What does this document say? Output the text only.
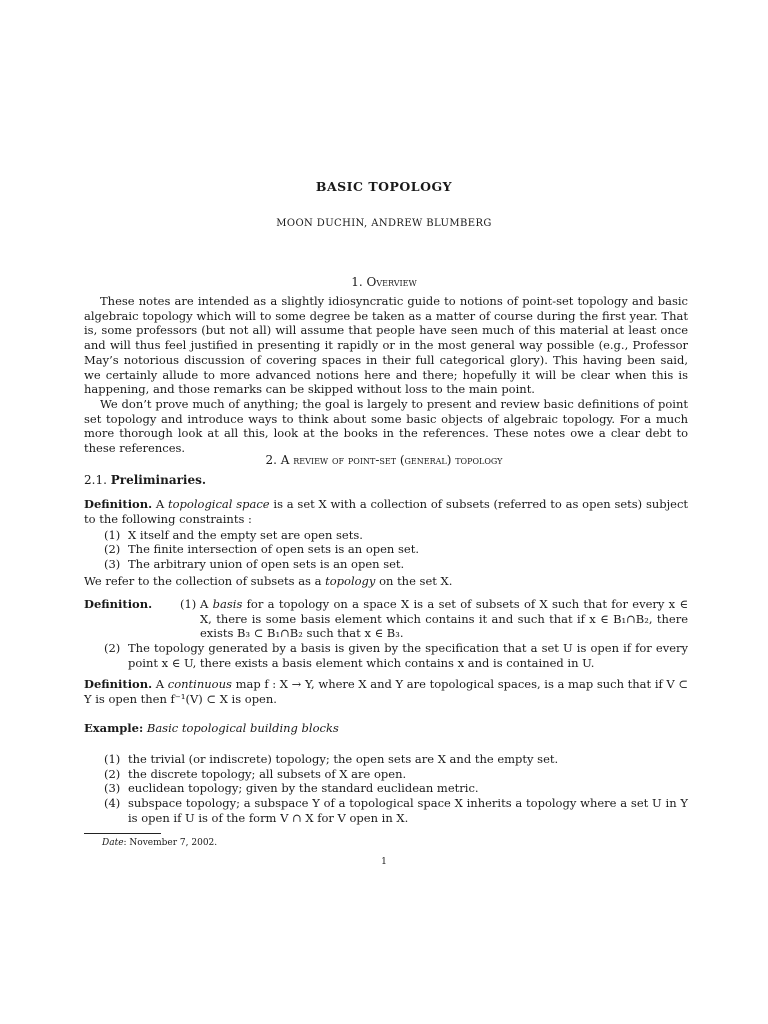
BASIC TOPOLOGY
MOON DUCHIN, ANDREW BLUMBERG
1. Overview

These notes are intended as a slightly idiosyncratic guide to notions of point-set topology and basic algebraic topology which will to some degree be taken as a matter of course during the first year. That is, some professors (but not all) will assume that people have seen much of this material at least once and will thus feel justified in presenting it rapidly or in the most general way possible (e.g., Professor May’s notorious discussion of covering spaces in their full categorical glory). This having been said, we certainly allude to more advanced notions here and there; hopefully it will be clear when this is happening, and those remarks can be skipped without loss to the main point.

We don’t prove much of anything; the goal is largely to present and review basic definitions of point set topology and introduce ways to think about some basic objects of algebraic topology. For a much more thorough look at all this, look at the books in the references. These notes owe a clear debt to these references.

2. A review of point-set (general) topology
2.1. Preliminaries.

Definition. A topological space is a set X with a collection of subsets (referred to as open sets) subject to the following constraints :

(1) X itself and the empty set are open sets.
(2) The finite intersection of open sets is an open set.
(3) The arbitrary union of open sets is an open set.

We refer to the collection of subsets as a topology on the set X.

Definition.	(1) A basis for a topology on a space X is a set of subsets of X such that for every x ∈ X, there is some basis element which contains it and such that if x ∈ B₁∩B₂, there exists B₃ ⊂ B₁∩B₂ such that x ∈ B₃.
(2) The topology generated by a basis is given by the specification that a set U is open if for every point x ∈ U, there exists a basis element which contains x and is contained in U.

Definition. A continuous map f : X → Y, where X and Y are topological spaces, is a map such that if V ⊂ Y is open then f⁻¹(V) ⊂ X is open.

Example: Basic topological building blocks

(1) the trivial (or indiscrete) topology; the open sets are X and the empty set.
(2) the discrete topology; all subsets of X are open.
(3) euclidean topology; given by the standard euclidean metric.
(4) subspace topology; a subspace Y of a topological space X inherits a topology where a set U in Y is open if U is of the form V ∩ X for V open in X.
Date: November 7, 2002.
1
